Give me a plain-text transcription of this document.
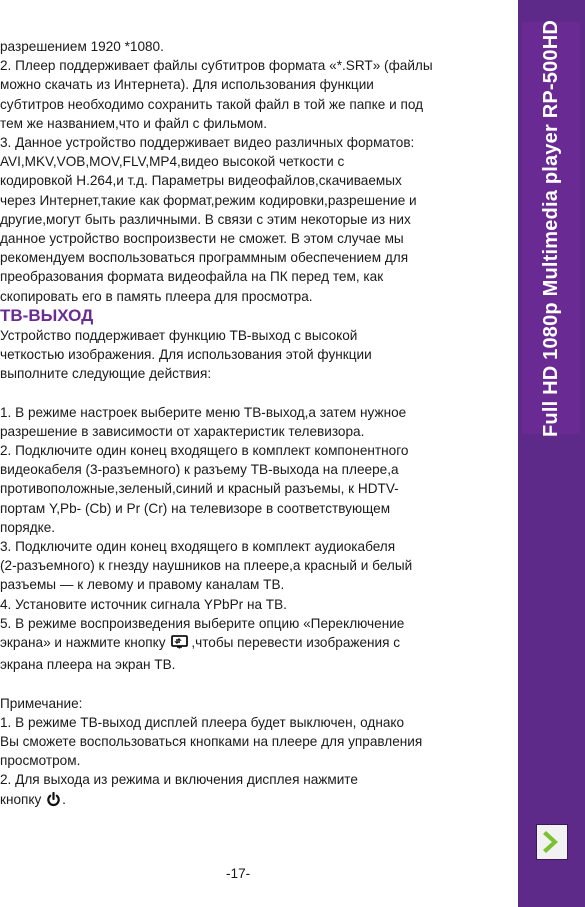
разрешением 1920 *1080.

2. Плеер поддерживает файлы субтитров формата «*.SRT» (файлы

можно скачать из Интернета). Для использования функции

субтитров необходимо сохранить такой файл в той же папке и под

тем же названием,что и файл с фильмом.

3. Данное устройство поддерживает видео различных форматов:

AVI,MKV,VOB,MOV,FLV,MP4,видео высокой четкости с

кодировкой H.264,и т.д. Параметры видеофайлов,скачиваемых

через Интернет,такие как формат,режим кодировки,разрешение и

другие,могут быть различными. В связи с этим некоторые из них

данное устройство воспроизвести не сможет. В этом случае мы

рекомендуем воспользоваться программным обеспечением для

преобразования формата видеофайла на ПК перед тем, как

скопировать его в память плеера для просмотра.

ТВ-ВЫХОД

Устройство поддерживает функцию ТВ-выход с высокой

четкостью изображения. Для использования этой функции

выполните следующие действия:

1. В режиме настроек выберите меню ТВ-выход,а затем нужное

разрешение в зависимости от характеристик телевизора.

2. Подключите один конец входящего в комплект компонентного

видеокабеля (3-разъемного) к разъему ТВ-выхода на плеере,а

противоположные,зеленый,синий и красный разъемы, к HDTV-

портам Y,Pb- (Cb) и Pr (Cr) на телевизоре в соответствующем

порядке.

3. Подключите один конец входящего в комплект аудиокабеля

(2-разъемного) к гнезду наушников на плеере,а красный и белый

разъемы — к левому и правому каналам ТВ.

4. Установите источник сигнала YPbPr на ТВ.

5. В режиме воспроизведения выберите опцию «Переключение

экрана» и нажмите кнопку ,чтобы перевести изображения с

экрана плеера на экран ТВ.

Примечание:

1. В режиме ТВ-выход дисплей плеера будет выключен, однако

Вы сможете воспользоваться кнопками на плеере для управления

просмотром.

2. Для выхода из режима и включения дисплея нажмите

кнопку .

-17-
Full HD 1080p Multimedia player RP-500HD
